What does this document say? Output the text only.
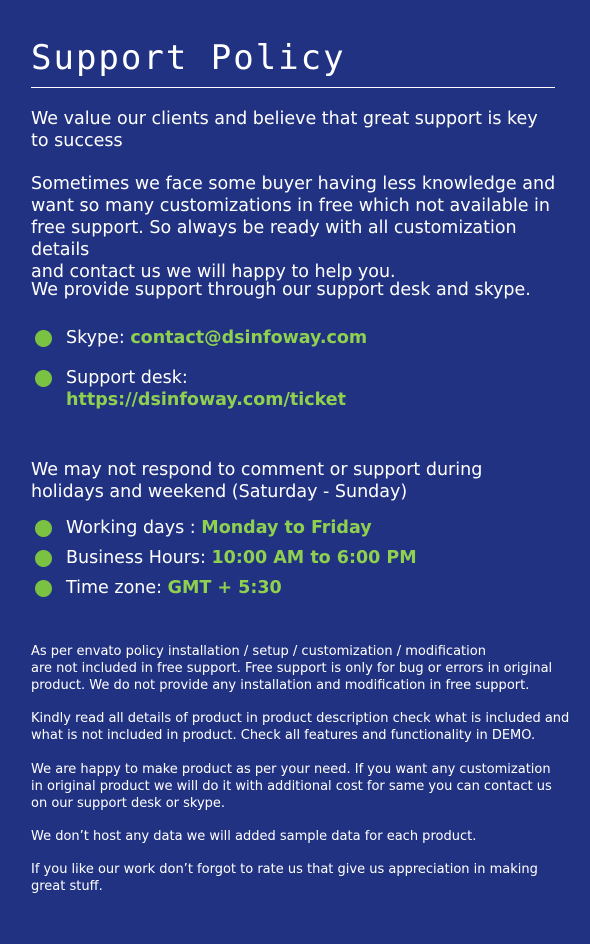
Support Policy

We value our clients and believe that great support is key
to success

Sometimes we face some buyer having less knowledge and
want so many customizations in free which not available in
free support. So always be ready with all customization details
and contact us we will happy to help you.

We provide support through our support desk and skype.

Skype: contact@dsinfoway.com
Support desk:
https://dsinfoway.com/ticket

We may not respond to comment or support during
holidays and weekend (Saturday - Sunday)

Working days : Monday to Friday
Business Hours: 10:00 AM to 6:00 PM
Time zone: GMT + 5:30

As per envato policy installation / setup / customization / modification
are not included in free support. Free support is only for bug or errors in original
product. We do not provide any installation and modification in free support.

Kindly read all details of product in product description check what is included and
what is not included in product. Check all features and functionality in DEMO.

We are happy to make product as per your need. If you want any customization
in original product we will do it with additional cost for same you can contact us
on our support desk or skype.

We don’t host any data we will added sample data for each product.

If you like our work don’t forgot to rate us that give us appreciation in making
great stuff.
